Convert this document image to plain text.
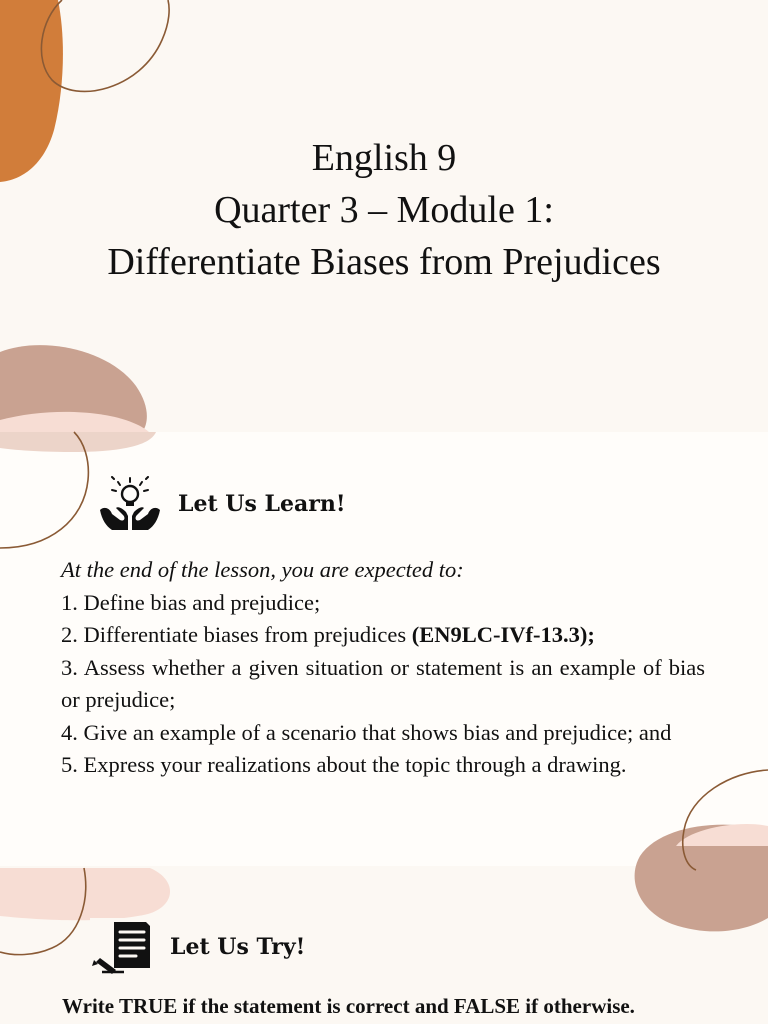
English 9
Quarter 3 – Module 1:
Differentiate Biases from Prejudices
Let Us Learn!
At the end of the lesson, you are expected to:
1. Define bias and prejudice;
2. Differentiate biases from prejudices (EN9LC-IVf-13.3);
3. Assess whether a given situation or statement is an example of bias or prejudice;
4. Give an example of a scenario that shows bias and prejudice; and
5. Express your realizations about the topic through a drawing.
Let Us Try!
Write TRUE if the statement is correct and FALSE if otherwise.
